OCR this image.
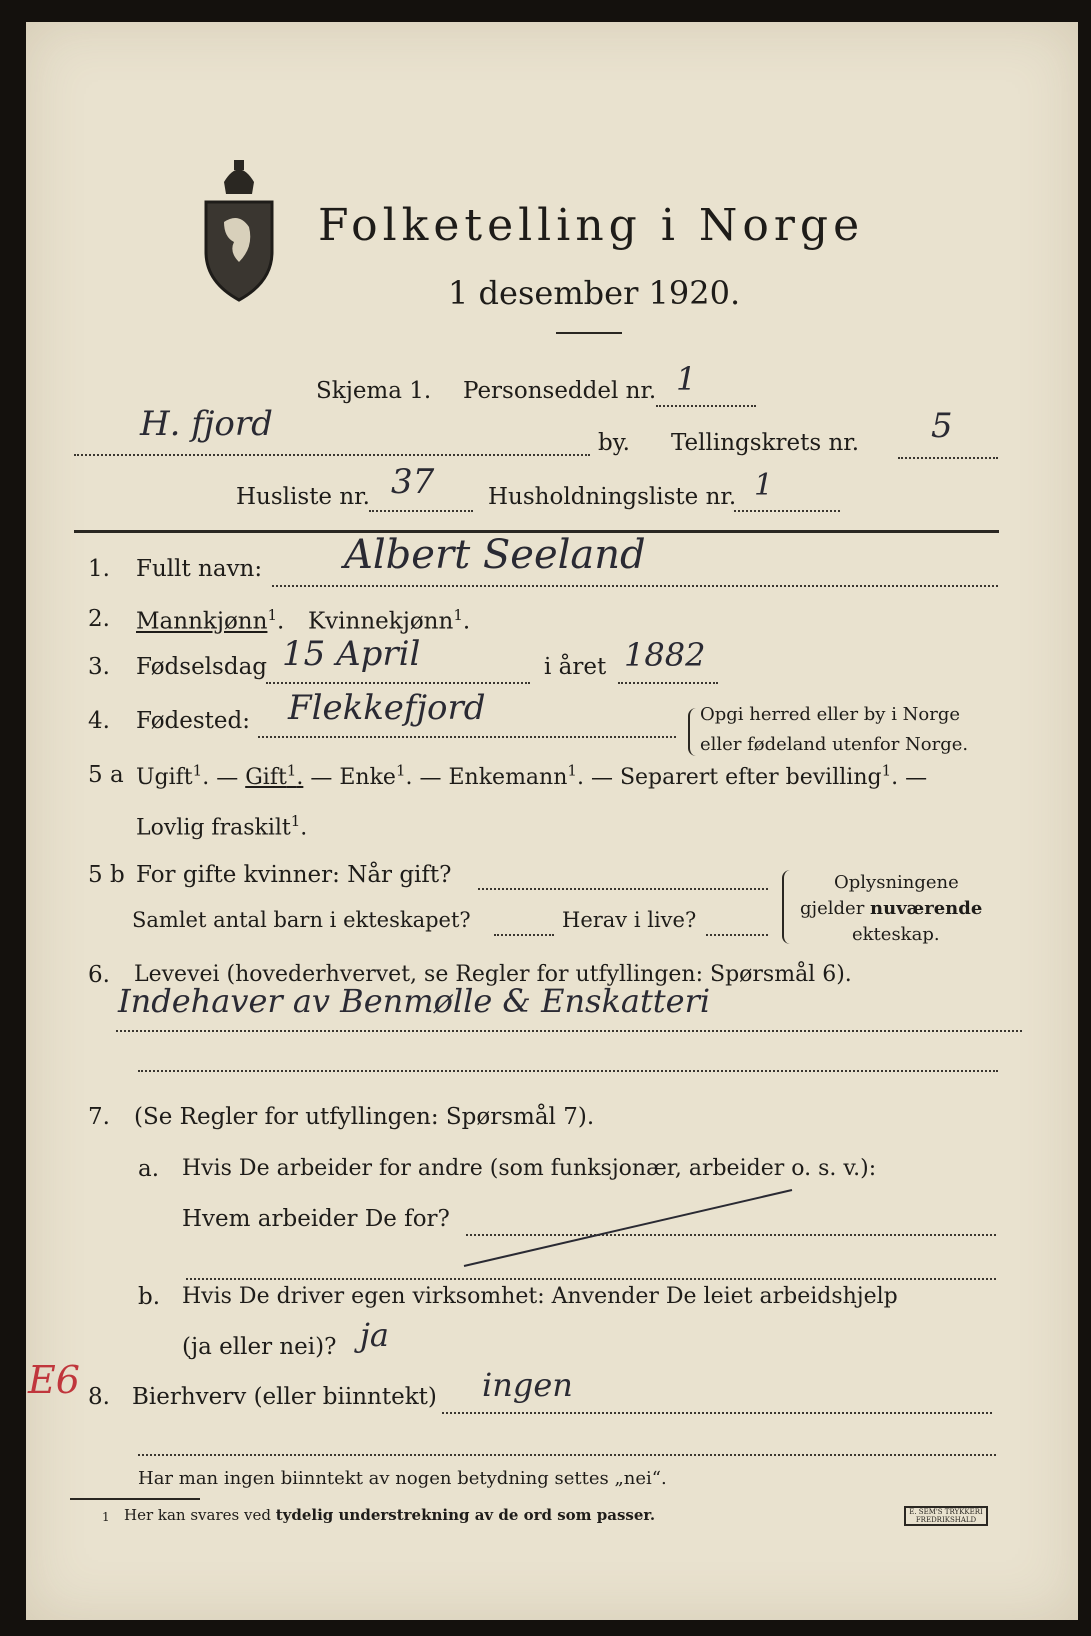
Folketelling i Norge
1 desember 1920.
Skjema 1. Personseddel nr. 1
H. fjord	by. Tellingskrets nr. 5
Husliste nr. 37 Husholdningsliste nr. 1
1. Fullt navn: Albert Seeland
2. Mannkjønn$^1$. Kvinnekjønn$^1$.
3. Fødselsdag 15 April	i året 1882
4. Fødested: Flekkefjord	Opgi herred eller by i Norge
eller fødeland utenfor Norge.
5 a Ugift$^1$. — Gift$^1$. — Enke$^1$. — Enkemann$^1$. — Separert efter bevilling$^1$. —
Lovlig fraskilt$^1$.
5 b For gifte kvinner: Når gift?
Samlet antal barn i ekteskapet?	Herav i live?
Oplysningene
gjelder nuværende
ekteskap.
6. Levevei (hovederhvervet, se Regler for utfyllingen: Spørsmål 6).
Indehaver av Benmølle & Enskatteri
7. (Se Regler for utfyllingen: Spørsmål 7).
a. Hvis De arbeider for andre (som funksjonær, arbeider o. s. v.):
Hvem arbeider De for?
b. Hvis De driver egen virksomhet: Anvender De leiet arbeidshjelp
(ja eller nei)? ja
8. Bierhverv (eller biinntekt) ingen
E6
Har man ingen biinntekt av nogen betydning settes „nei“.
1 Her kan svares ved tydelig understrekning av de ord som passer.	E. SEM'S TRYKKERI FREDRIKSHALD
